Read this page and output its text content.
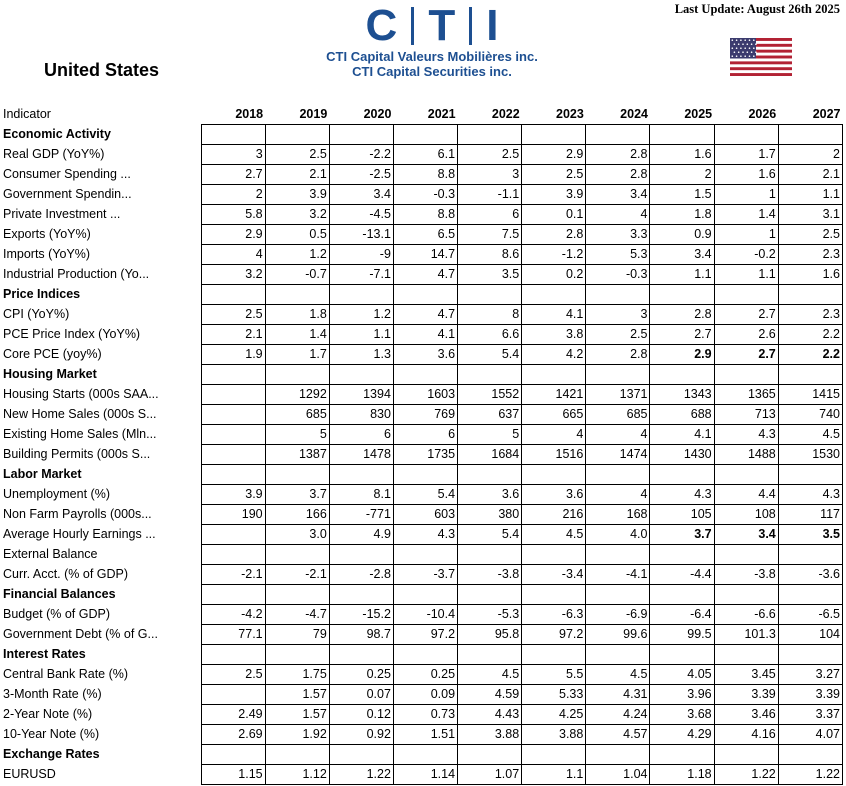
C T I
CTI Capital Valeurs Mobilières inc.
CTI Capital Securities inc.
Last Update: August 26th 2025
United States
Indicator	2018	2019	2020	2021	2022	2023	2024	2025	2026	2027
Economic Activity										
Real GDP (YoY%)	3	2.5	-2.2	6.1	2.5	2.9	2.8	1.6	1.7	2
Consumer Spending ...	2.7	2.1	-2.5	8.8	3	2.5	2.8	2	1.6	2.1
Government Spendin...	2	3.9	3.4	-0.3	-1.1	3.9	3.4	1.5	1	1.1
Private Investment ...	5.8	3.2	-4.5	8.8	6	0.1	4	1.8	1.4	3.1
Exports (YoY%)	2.9	0.5	-13.1	6.5	7.5	2.8	3.3	0.9	1	2.5
Imports (YoY%)	4	1.2	-9	14.7	8.6	-1.2	5.3	3.4	-0.2	2.3
Industrial Production (Yo...	3.2	-0.7	-7.1	4.7	3.5	0.2	-0.3	1.1	1.1	1.6
Price Indices										
CPI (YoY%)	2.5	1.8	1.2	4.7	8	4.1	3	2.8	2.7	2.3
PCE Price Index (YoY%)	2.1	1.4	1.1	4.1	6.6	3.8	2.5	2.7	2.6	2.2
Core PCE (yoy%)	1.9	1.7	1.3	3.6	5.4	4.2	2.8	2.9	2.7	2.2
Housing Market										
Housing Starts (000s SAA...		1292	1394	1603	1552	1421	1371	1343	1365	1415
New Home Sales (000s S...		685	830	769	637	665	685	688	713	740
Existing Home Sales (Mln...		5	6	6	5	4	4	4.1	4.3	4.5
Building Permits (000s S...		1387	1478	1735	1684	1516	1474	1430	1488	1530
Labor Market										
Unemployment (%)	3.9	3.7	8.1	5.4	3.6	3.6	4	4.3	4.4	4.3
Non Farm Payrolls (000s...	190	166	-771	603	380	216	168	105	108	117
Average Hourly Earnings ...		3.0	4.9	4.3	5.4	4.5	4.0	3.7	3.4	3.5
External Balance										
Curr. Acct. (% of GDP)	-2.1	-2.1	-2.8	-3.7	-3.8	-3.4	-4.1	-4.4	-3.8	-3.6
Financial Balances										
Budget (% of GDP)	-4.2	-4.7	-15.2	-10.4	-5.3	-6.3	-6.9	-6.4	-6.6	-6.5
Government Debt (% of G...	77.1	79	98.7	97.2	95.8	97.2	99.6	99.5	101.3	104
Interest Rates										
Central Bank Rate (%)	2.5	1.75	0.25	0.25	4.5	5.5	4.5	4.05	3.45	3.27
3-Month Rate (%)		1.57	0.07	0.09	4.59	5.33	4.31	3.96	3.39	3.39
2-Year Note (%)	2.49	1.57	0.12	0.73	4.43	4.25	4.24	3.68	3.46	3.37
10-Year Note (%)	2.69	1.92	0.92	1.51	3.88	3.88	4.57	4.29	4.16	4.07
Exchange Rates										
EURUSD	1.15	1.12	1.22	1.14	1.07	1.1	1.04	1.18	1.22	1.22
